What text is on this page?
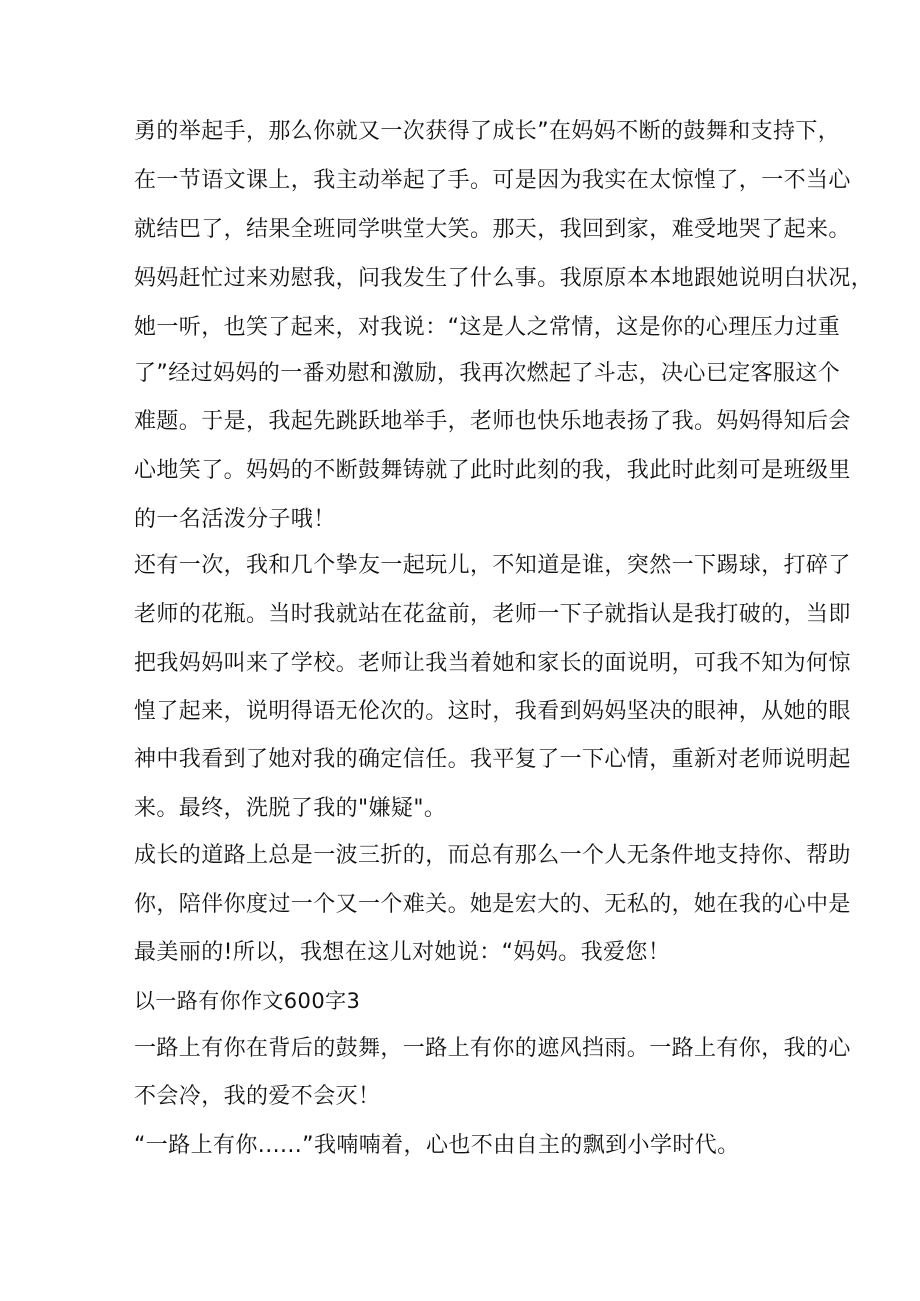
勇的举起手，那么你就又一次获得了成长”在妈妈不断的鼓舞和支持下，
在一节语文课上，我主动举起了手。可是因为我实在太惊惶了，一不当心
就结巴了，结果全班同学哄堂大笑。那天，我回到家，难受地哭了起来。
妈妈赶忙过来劝慰我，问我发生了什么事。我原原本本地跟她说明白状况，
她一听，也笑了起来，对我说：“这是人之常情，这是你的心理压力过重
了”经过妈妈的一番劝慰和激励，我再次燃起了斗志，决心已定客服这个
难题。于是，我起先跳跃地举手，老师也快乐地表扬了我。妈妈得知后会
心地笑了。妈妈的不断鼓舞铸就了此时此刻的我，我此时此刻可是班级里
的一名活泼分子哦！
还有一次，我和几个挚友一起玩儿，不知道是谁，突然一下踢球，打碎了
老师的花瓶。当时我就站在花盆前，老师一下子就指认是我打破的，当即
把我妈妈叫来了学校。老师让我当着她和家长的面说明，可我不知为何惊
惶了起来，说明得语无伦次的。这时，我看到妈妈坚决的眼神，从她的眼
神中我看到了她对我的确定信任。我平复了一下心情，重新对老师说明起
来。最终，洗脱了我的"嫌疑"。
成长的道路上总是一波三折的，而总有那么一个人无条件地支持你、帮助
你，陪伴你度过一个又一个难关。她是宏大的、无私的，她在我的心中是
最美丽的!所以，我想在这儿对她说：“妈妈。我爱您！
以一路有你作文600字3
一路上有你在背后的鼓舞，一路上有你的遮风挡雨。一路上有你，我的心
不会冷，我的爱不会灭！
“一路上有你......”我喃喃着，心也不由自主的飘到小学时代。
